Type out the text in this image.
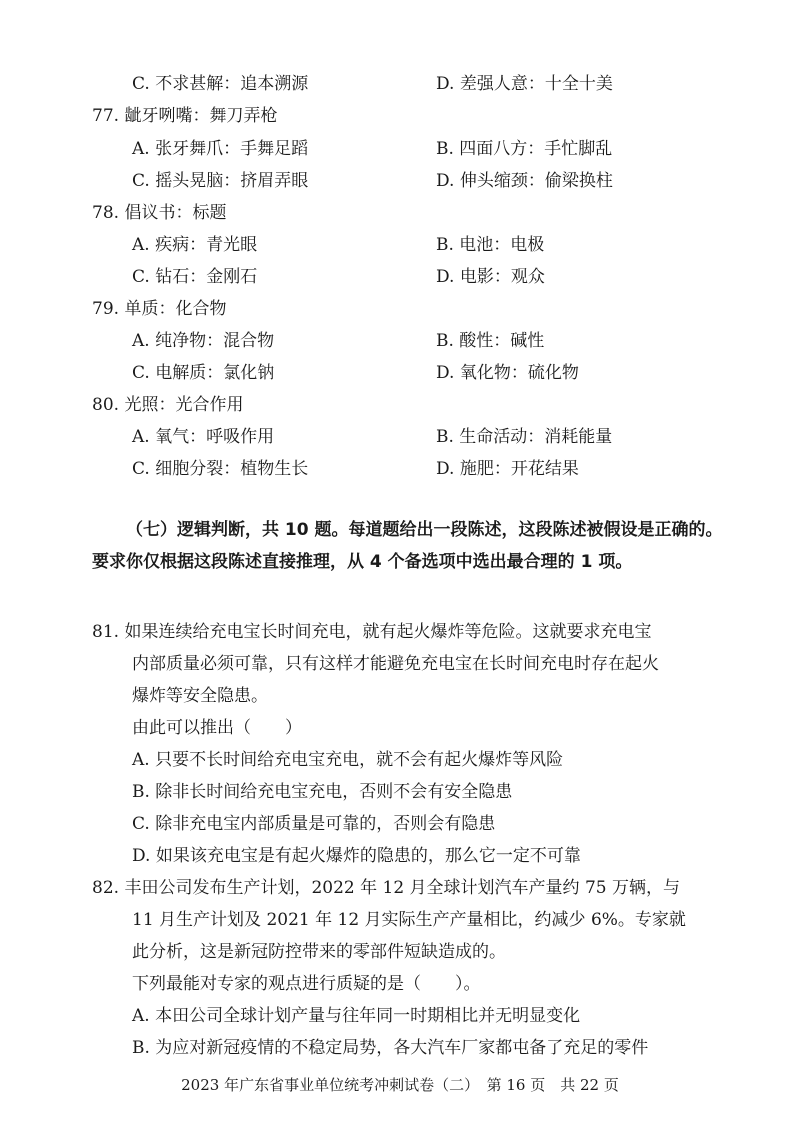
C. 不求甚解：追本溯源	D. 差强人意：十全十美
77. 龇牙咧嘴：舞刀弄枪
A. 张牙舞爪：手舞足蹈	B. 四面八方：手忙脚乱
C. 摇头晃脑：挤眉弄眼	D. 伸头缩颈：偷梁换柱
78. 倡议书：标题
A. 疾病：青光眼	B. 电池：电极
C. 钻石：金刚石	D. 电影：观众
79. 单质：化合物
A. 纯净物：混合物	B. 酸性：碱性
C. 电解质：氯化钠	D. 氧化物：硫化物
80. 光照：光合作用
A. 氧气：呼吸作用	B. 生命活动：消耗能量
C. 细胞分裂：植物生长	D. 施肥：开花结果
（七）逻辑判断，共 10 题。每道题给出一段陈述，这段陈述被假设是正确的。要求你仅根据这段陈述直接推理，从 4 个备选项中选出最合理的 1 项。
81. 如果连续给充电宝长时间充电，就有起火爆炸等危险。这就要求充电宝
内部质量必须可靠，只有这样才能避免充电宝在长时间充电时存在起火
爆炸等安全隐患。
由此可以推出（　　）
A. 只要不长时间给充电宝充电，就不会有起火爆炸等风险
B. 除非长时间给充电宝充电，否则不会有安全隐患
C. 除非充电宝内部质量是可靠的，否则会有隐患
D. 如果该充电宝是有起火爆炸的隐患的，那么它一定不可靠
82. 丰田公司发布生产计划，2022 年 12 月全球计划汽车产量约 75 万辆，与
11 月生产计划及 2021 年 12 月实际生产产量相比，约减少 6%。专家就
此分析，这是新冠防控带来的零部件短缺造成的。
下列最能对专家的观点进行质疑的是（　　）。
A. 本田公司全球计划产量与往年同一时期相比并无明显变化
B. 为应对新冠疫情的不稳定局势，各大汽车厂家都屯备了充足的零件
2023 年广东省事业单位统考冲刺试卷（二）　第 16 页　共 22 页
